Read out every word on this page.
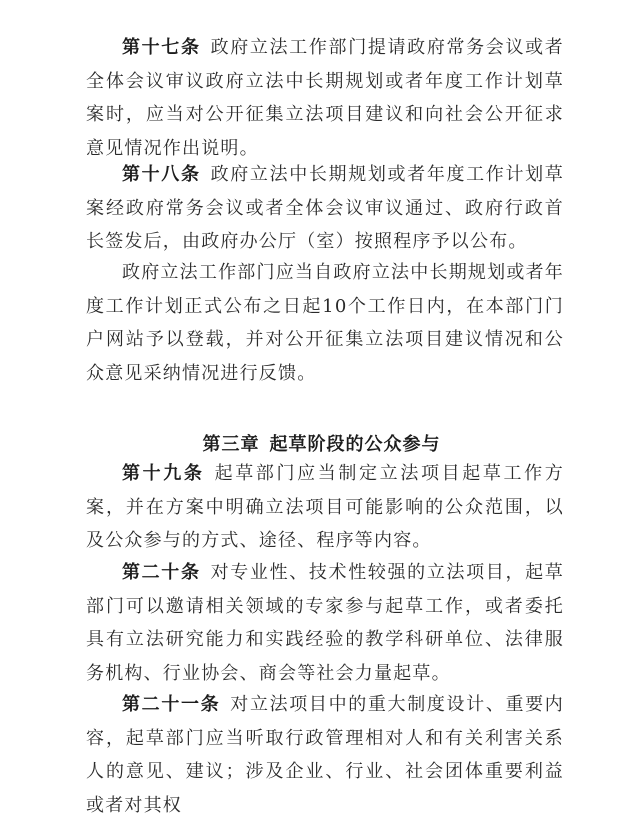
第十七条 政府立法工作部门提请政府常务会议或者全体会议审议政府立法中长期规划或者年度工作计划草案时，应当对公开征集立法项目建议和向社会公开征求意见情况作出说明。

第十八条 政府立法中长期规划或者年度工作计划草案经政府常务会议或者全体会议审议通过、政府行政首长签发后，由政府办公厅（室）按照程序予以公布。

政府立法工作部门应当自政府立法中长期规划或者年度工作计划正式公布之日起10个工作日内，在本部门门户网站予以登载，并对公开征集立法项目建议情况和公众意见采纳情况进行反馈。

第三章 起草阶段的公众参与

第十九条 起草部门应当制定立法项目起草工作方案，并在方案中明确立法项目可能影响的公众范围，以及公众参与的方式、途径、程序等内容。

第二十条 对专业性、技术性较强的立法项目，起草部门可以邀请相关领域的专家参与起草工作，或者委托具有立法研究能力和实践经验的教学科研单位、法律服务机构、行业协会、商会等社会力量起草。

第二十一条 对立法项目中的重大制度设计、重要内容，起草部门应当听取行政管理相对人和有关利害关系人的意见、建议；涉及企业、行业、社会团体重要利益或者对其权
